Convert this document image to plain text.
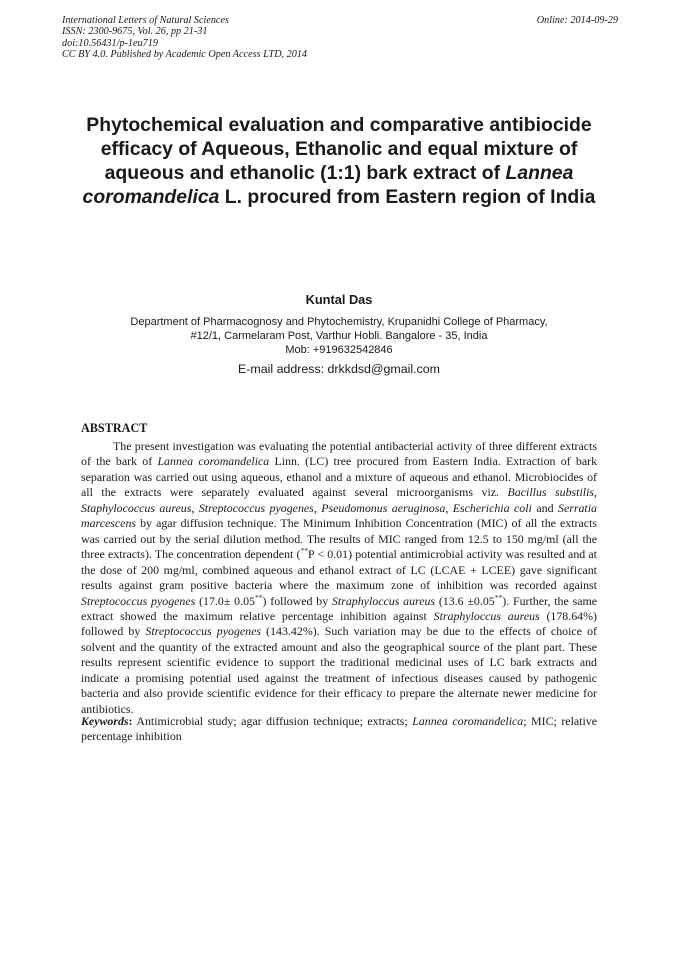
International Letters of Natural Sciences
ISSN: 2300-9675, Vol. 26, pp 21-31
doi:10.56431/p-1eu719
CC BY 4.0. Published by Academic Open Access LTD, 2014
Online: 2014-09-29
Phytochemical evaluation and comparative antibiocide efficacy of Aqueous, Ethanolic and equal mixture of aqueous and ethanolic (1:1) bark extract of Lannea coromandelica L. procured from Eastern region of India
Kuntal Das
Department of Pharmacognosy and Phytochemistry, Krupanidhi College of Pharmacy,
#12/1, Carmelaram Post, Varthur Hobli. Bangalore - 35, India
Mob: +919632542846
E-mail address: drkkdsd@gmail.com
ABSTRACT
The present investigation was evaluating the potential antibacterial activity of three different extracts of the bark of Lannea coromandelica Linn. (LC) tree procured from Eastern India. Extraction of bark separation was carried out using aqueous, ethanol and a mixture of aqueous and ethanol. Microbiocides of all the extracts were separately evaluated against several microorganisms viz. Bacillus substilis, Staphylococcus aureus, Streptococcus pyogenes, Pseudomonus aeruginosa, Escherichia coli and Serratia marcescens by agar diffusion technique. The Minimum Inhibition Concentration (MIC) of all the extracts was carried out by the serial dilution method. The results of MIC ranged from 12.5 to 150 mg/ml (all the three extracts). The concentration dependent (**P < 0.01) potential antimicrobial activity was resulted and at the dose of 200 mg/ml, combined aqueous and ethanol extract of LC (LCAE + LCEE) gave significant results against gram positive bacteria where the maximum zone of inhibition was recorded against Streptococcus pyogenes (17.0± 0.05**) followed by Straphyloccus aureus (13.6 ±0.05**). Further, the same extract showed the maximum relative percentage inhibition against Straphyloccus aureus (178.64%) followed by Streptococcus pyogenes (143.42%). Such variation may be due to the effects of choice of solvent and the quantity of the extracted amount and also the geographical source of the plant part. These results represent scientific evidence to support the traditional medicinal uses of LC bark extracts and indicate a promising potential used against the treatment of infectious diseases caused by pathogenic bacteria and also provide scientific evidence for their efficacy to prepare the alternate newer medicine for antibiotics.
Keywords: Antimicrobial study; agar diffusion technique; extracts; Lannea coromandelica; MIC; relative percentage inhibition
